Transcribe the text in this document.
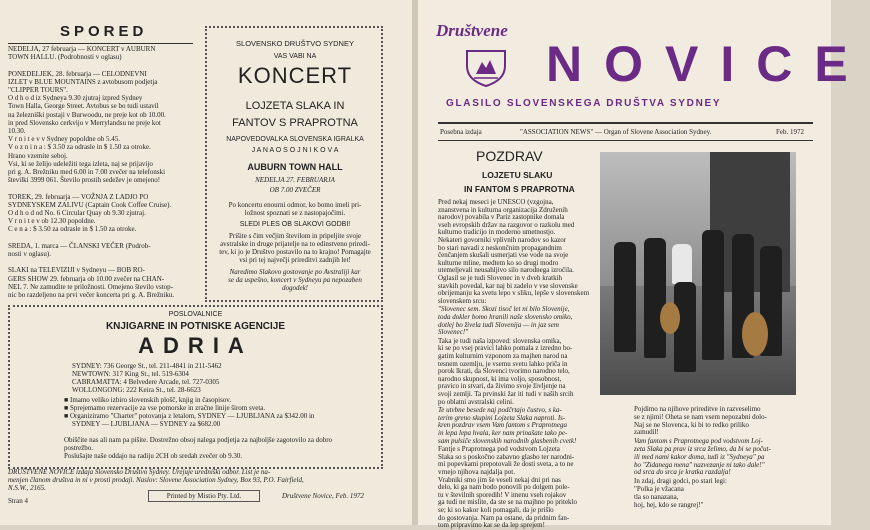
SPORED
NEDELJA, 27 februarja — KONCERT v AUBURN
TOWN HALLU. (Podrobnosti v oglasu)
PONEDELJEK, 28. februarja — CELODNEVNI
IZLET v BLUE MOUNTAINS z avtobusom podjetja
"CLIPPER TOURS".
O d h o d iz Sydneya 9.30 zjutraj izpred Sydney
Town Halla, George Street. Avtobus se bo tudi ustavil
na železniški postaji v Burwoodu, ne preje kot ob 10.00.
in pred Slovensko cerkvijo v Merrylandsu ne preje kot
10.30.
V r n i t e v v Sydney popoldne ob 5.45.
V o z n i n a : $ 3.50 za odrasle in $ 1.50 za otroke.
Hrano vzemite seboj.
Vsi, ki se želijo udeležiti tega izleta, naj se prijavijo
pri g. A. Brežniku med 6.00 in 7.00 zvečer na telefonski
številki 3999 061. Število prostih sedežev je omejeno!
TOREK, 29. februarja — VOŽNJA Z LADJO PO
SYDNEYSKEM ZALIVU (Captain Cook Coffee Cruise).
O d h o d od No. 6 Circular Quay ob 9.30 zjutraj.
V r n i t e v ob 12.30 popoldne.
C e n a : $ 3.50 za odrasle in $ 1.50 za otroke.
SREDA, 1. marca — ČLANSKI VEČER (Podrob-
nosti v oglasu).
SLAKI na TELEVIZIJI v Sydneyu — BOB RO-
GERS SHOW 29. februarja ob 10.00 zvečer na CHAN-
NEL 7. Ne zamudite te priložnosti. Omejeno število vstop-
nic bo razdeljeno na prvi večer koncerta pri g. A. Brežniku.
SLOVENSKO DRUŠTVO SYDNEY
VAS VABI NA
KONCERT
LOJZETA SLAKA IN
FANTOV S PRAPROTNA
NAPOVEDOVALKA SLOVENSKA IGRALKA
J A N A O S O J N I K O V A
AUBURN TOWN HALL
NEDELJA 27. FEBRUARJA
OB 7.00 ZVEČER
Po koncertu enourni odmor, ko bomo imeli pri-
ložnost spoznati se z nastopajočimi.
SLEDI PLES OB SLAKOVI GODBI!
Prišite s čim večjim številom in pripeljite svoje
avstralske in druge prijatelje na to edinstveno priredi-
tev, ki jo je Društvo postavilo na to krajno! Pomagajte
vsi pri tej največji prireditvi zadnjih let!
Naredimo Slakovo gostovanje po Avstraliji kar
se da uspešno, koncert v Sydneyu pa nepozaben
dogodek!
POSLOVALNICE
KNJIGARNE IN POTNISKE AGENCIJE
ADRIA
SYDNEY: 736 George St., tel. 211-4841 in 211-5462
NEWTOWN: 317 King St., tel. 519-6304
CABRAMATTA: 4 Belvedere Arcade, tel. 727-0305
WOLLONGONG: 222 Keira St., tel. 28-6623
■ Imamo veliko izbiro slovenskih plošč, knjig in časopisov.
■ Sprejemamo rezervacije za vse pomorske in zračne linije širom sveta.
■ Organiziramo "Charter" potovanja z letalom, SYDNEY — LJUBLJANA za $342.00 in
SYDNEY — LJUBLJANA — SYDNEY za $682.00
Obiščite nas ali nam pa pišite. Dostrežno obsoj nalega podjetja za najboljše zagotovilo za dobro
postrežbo.
Poslušajte naše oddajo na radiju 2CH ob sredah zvečer ob 9.30.
DRUŠTVENE NOVICE izdaja Slovensko Društvo Sydney. Urejuje uredniški odbor. List je na-
menjen članom društva in ni v prosti prodaji. Naslov: Slovene Association Sydney, Box 93, P.O. Fairfield,
N.S.W., 2165.
Stran 4
Printed by Mistio Pty. Ltd.	Društvene Novice, Feb. 1972
Društvene
NOVICE
GLASILO SLOVENSKEGA DRUŠTVA SYDNEY
Posebna izdaja	"ASSOCIATION NEWS" — Organ of Slovene Association Sydney.	Feb. 1972
POZDRAV
LOJZETU SLAKU
IN FANTOM S PRAPROTNA
Pred nekaj meseci je UNESCO (vzgojna,
znanstvena in kulturna organizacija Združenih
narodov) povabila v Pariz zastopnike domala
vseh evropskih držav na razgovor o razkolu med
kulturno tradicijo in moderno umetnostjo.
Nekateri govorniki vplivnih narodov so kazor
bo stari navadi z neskončnim propagandnim
čenčanjem skušali usmerjati vse vode na svoje
kulturne mline, medtem ko so drugi modro
utemeljevali neusahljivo silo narodnega izročila.
Oglasil se je tudi Slovenec in v dveh kratkih
stavkih povedal, kar naj bi zadelo v vse slovenske
obrijemanju ka svetu lepo v sliku, lepše v slovenskem
slovenskem srcu:
"Slovenec sem. Skozi tisoč let ni bilo Slovenije,
toda dokler bomo hranili naše slovensko omiko,
dotlej bo živela tudi Slovenija — in jaz sem
Slovenec!"
Taka je tudi naša izpoved: slovenska omika,
ki se po vsej pravici lahko pomala z izredno bo-
gatim kulturnim vzponom za majhen narod na
tesnem ozemlju, je vsemu svetu lahko priča in
porok lkrati, da Slovenci tvorimo narodno telo,
narodno skupnost, ki ima voljo, sposobnost,
pravico in stvari, da živimo svoje življenje na
svoji zemlji. Ta prvinski žar iti tudi v naših srcih
po oblatni avstralski celini.
Te utvbne besede naj podčrtajo čustvo, s ka-
terim greno skupini Lojzeta Slaka naproti. Is-
kren pozdrav vsem Vam fantom s Praprotnega
in lepa lepa hvala, ker nam prinašate tako pe-
sam pulsiče slovenskih narodnih glasbenih cvetk!
Fantje s Praprotnega pod vodstvom Lojzeta
Slaka so s poskočno zabavno glasbo ter narodni-
mi popevkami prepotovali že dosti sveta, a to ne
vrnejo njihova najdalja pot.
Vrabniki smo jim še veseli nekaj dni pri nas
delo, ki ga nam bodo ponovili po dolgem pole-
tu v številnih sporedih! V imenu vseh rojakov
ga tudi ne mislite, da ste se na majhno po priteklo
se; ki so kakor koli pomagali, da je prišlo
do gostovanja. Nam pa ostane, da pridnim fan-
tom pripravimo kar se da lep sprejem!
Pojdimo na njihove prireditve in razveselimo
se z njimi! Oheta se nam vsem nepozabni dolo-
Naj se ne Slovenca, ki bi to redko priliko
zamudil!
Vam fantom s Praprotnega pod vodstvom Loj-
zeta Slaka pa prav iz srca želimo, da bi se počut-
ili med nami kakor doma, tudi iz "Sydneya" pa
bo "Zidanega mena" nazvezanje ni tako dale!"
od srca do srca je kratka razdalja!
In zdaj, dragi godci, po stari legi:
"Polka je vžacana
tla so nanazana,
hoj, hej, kdo se rangrej!"
